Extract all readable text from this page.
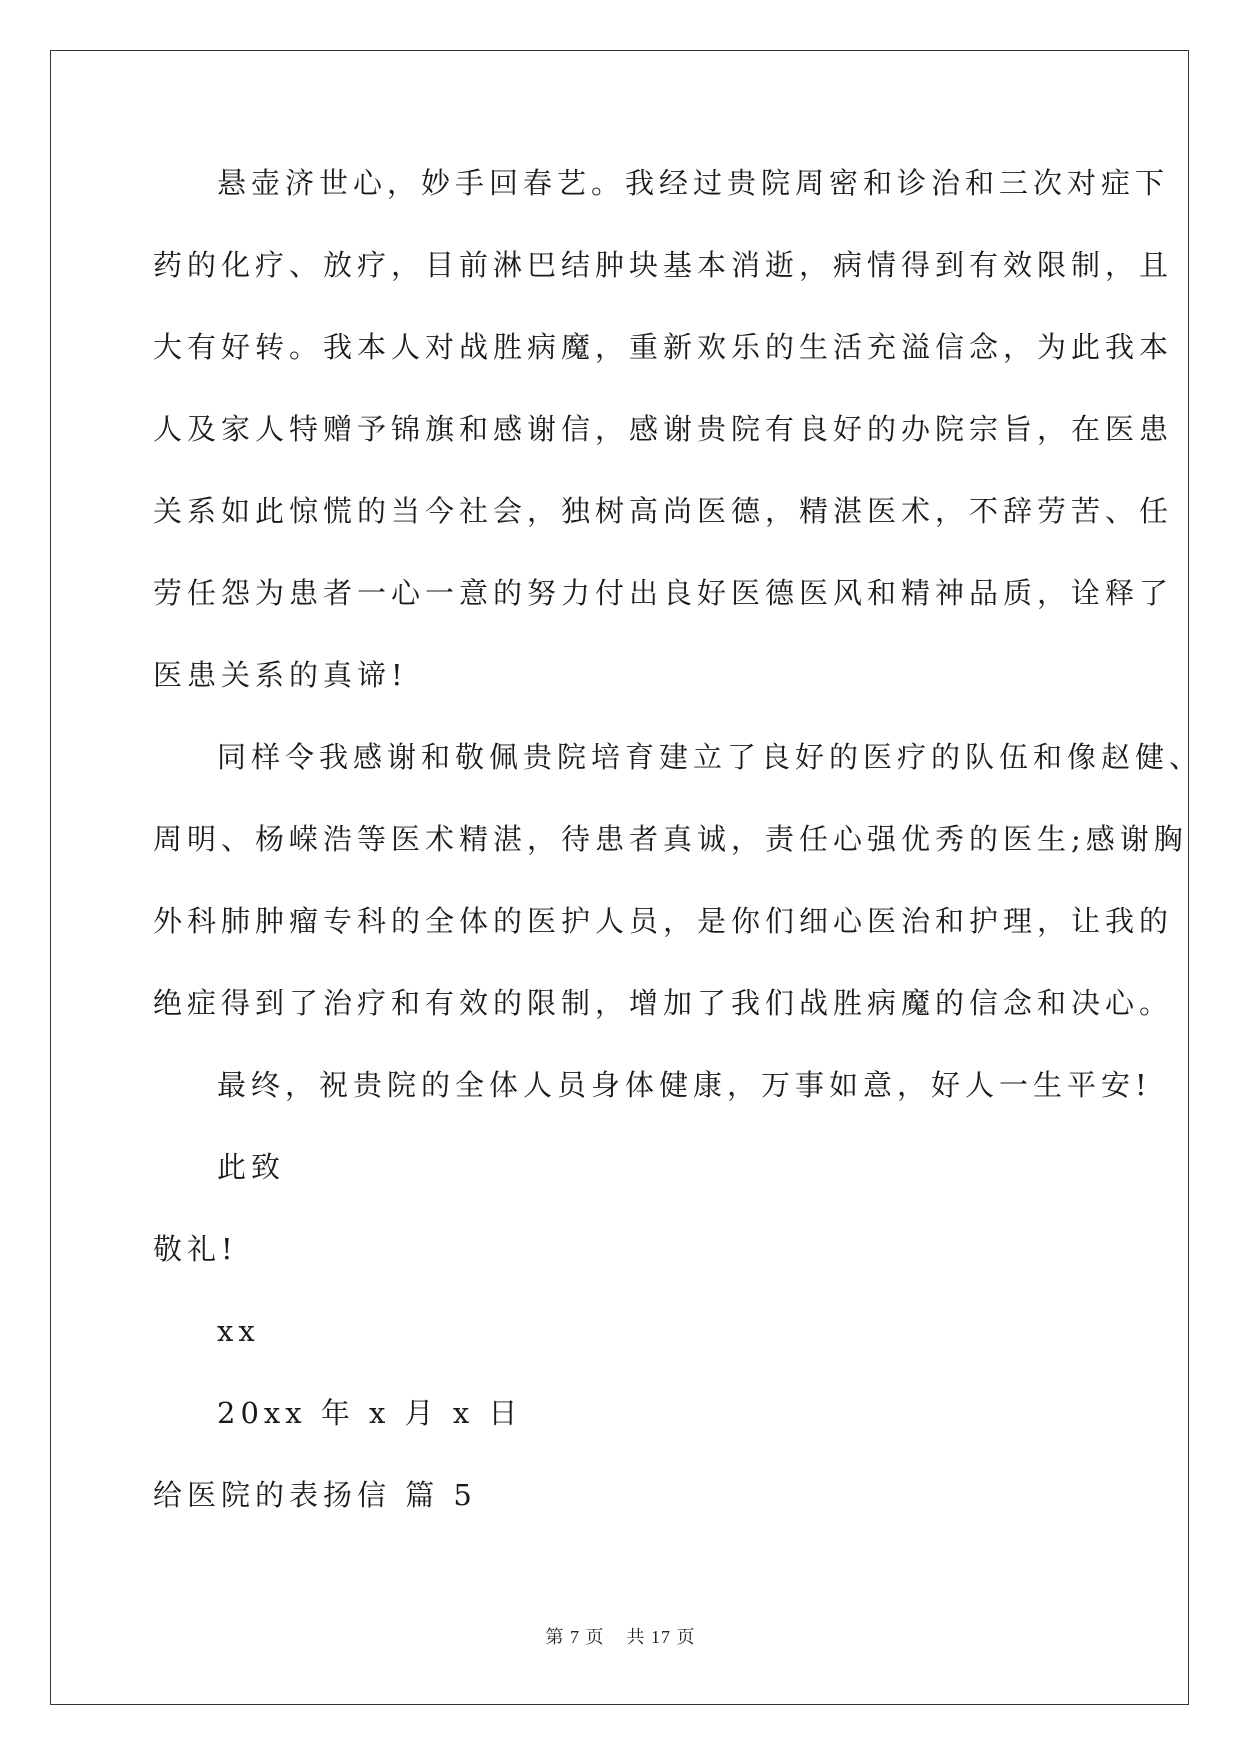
悬壶济世心，妙手回春艺。我经过贵院周密和诊治和三次对症下
药的化疗、放疗，目前淋巴结肿块基本消逝，病情得到有效限制，且
大有好转。我本人对战胜病魔，重新欢乐的生活充溢信念，为此我本
人及家人特赠予锦旗和感谢信，感谢贵院有良好的办院宗旨，在医患
关系如此惊慌的当今社会，独树高尚医德，精湛医术，不辞劳苦、任
劳任怨为患者一心一意的努力付出良好医德医风和精神品质，诠释了
医患关系的真谛!
同样令我感谢和敬佩贵院培育建立了良好的医疗的队伍和像赵健、
周明、杨嵘浩等医术精湛，待患者真诚，责任心强优秀的医生;感谢胸
外科肺肿瘤专科的全体的医护人员，是你们细心医治和护理，让我的
绝症得到了治疗和有效的限制，增加了我们战胜病魔的信念和决心。
最终，祝贵院的全体人员身体健康，万事如意，好人一生平安!
此致
敬礼!
xx
20xx 年 x 月 x 日
给医院的表扬信 篇 5
第 7 页    共 17 页
